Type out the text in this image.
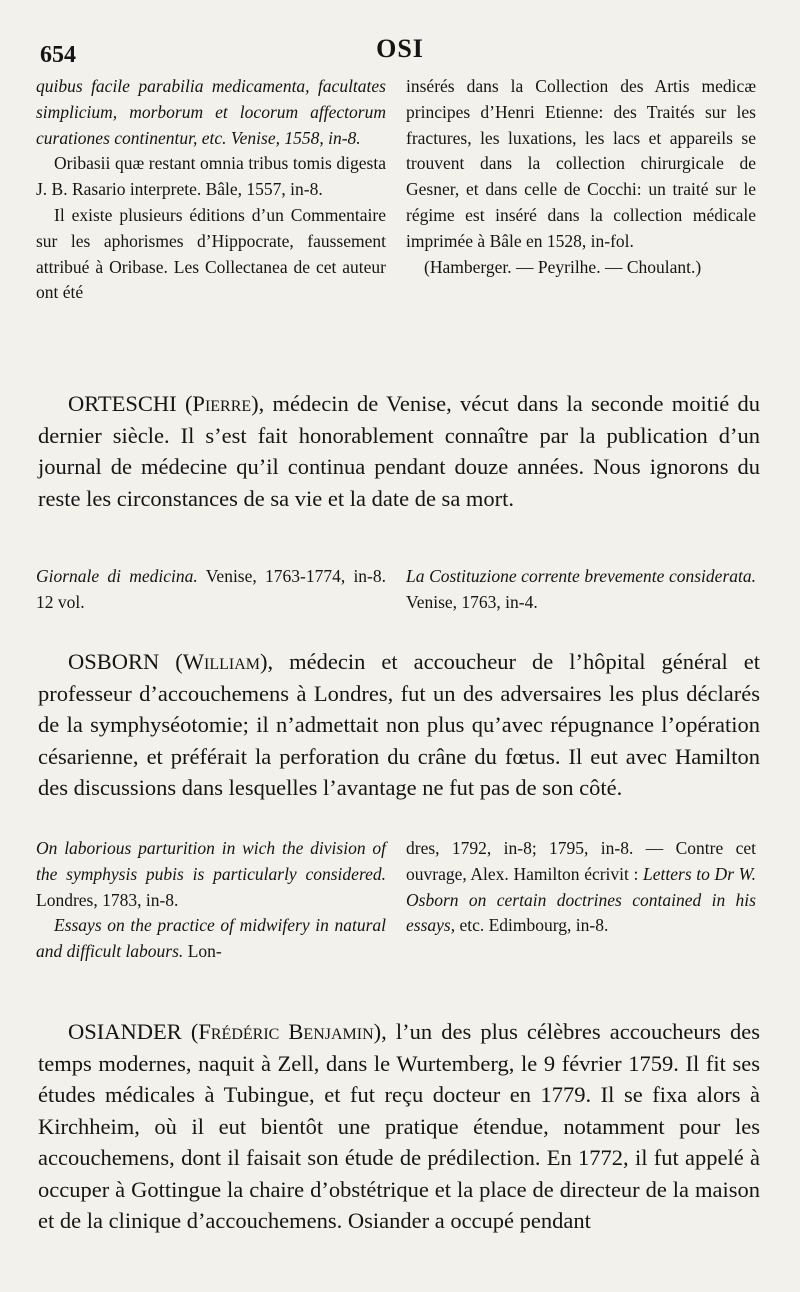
654	OSI

quibus facile parabilia medicamenta, facultates simplicium, morborum et locorum affectorum curationes continentur, etc. Venise, 1558, in-8.

Oribasii quæ restant omnia tribus tomis digesta J. B. Rasario interprete. Bâle, 1557, in-8.

Il existe plusieurs éditions d’un Commentaire sur les aphorismes d’Hippocrate, faussement attribué à Oribase. Les Collectanea de cet auteur ont été

insérés dans la Collection des Artis medicæ principes d’Henri Etienne: des Traités sur les fractures, les luxations, les lacs et appareils se trouvent dans la collection chirurgicale de Gesner, et dans celle de Cocchi: un traité sur le régime est inséré dans la collection médicale imprimée à Bâle en 1528, in-fol.

(Hamberger. — Peyrilhe. — Choulant.)

ORTESCHI (Pierre), médecin de Venise, vécut dans la seconde moitié du dernier siècle. Il s’est fait honorablement connaître par la publication d’un journal de médecine qu’il continua pendant douze années. Nous ignorons du reste les circonstances de sa vie et la date de sa mort.

Giornale di medicina. Venise, 1763-1774, in-8. 12 vol.

La Costituzione corrente brevemente considerata. Venise, 1763, in-4.

OSBORN (William), médecin et accoucheur de l’hôpital général et professeur d’accouchemens à Londres, fut un des adversaires les plus déclarés de la symphyséotomie; il n’admettait non plus qu’avec répugnance l’opération césarienne, et préférait la perforation du crâne du fœtus. Il eut avec Hamilton des discussions dans lesquelles l’avantage ne fut pas de son côté.

On laborious parturition in wich the division of the symphysis pubis is particularly considered. Londres, 1783, in-8.

Essays on the practice of midwifery in natural and difficult labours. Lon-

dres, 1792, in-8; 1795, in-8. — Contre cet ouvrage, Alex. Hamilton écrivit : Letters to Dr W. Osborn on certain doctrines contained in his essays, etc. Edimbourg, in-8.

OSIANDER (Frédéric Benjamin), l’un des plus célèbres accoucheurs des temps modernes, naquit à Zell, dans le Wurtemberg, le 9 février 1759. Il fit ses études médicales à Tubingue, et fut reçu docteur en 1779. Il se fixa alors à Kirchheim, où il eut bientôt une pratique étendue, notamment pour les accouchemens, dont il faisait son étude de prédilection. En 1772, il fut appelé à occuper à Gottingue la chaire d’obstétrique et la place de directeur de la maison et de la clinique d’accouchemens. Osiander a occupé pendant
